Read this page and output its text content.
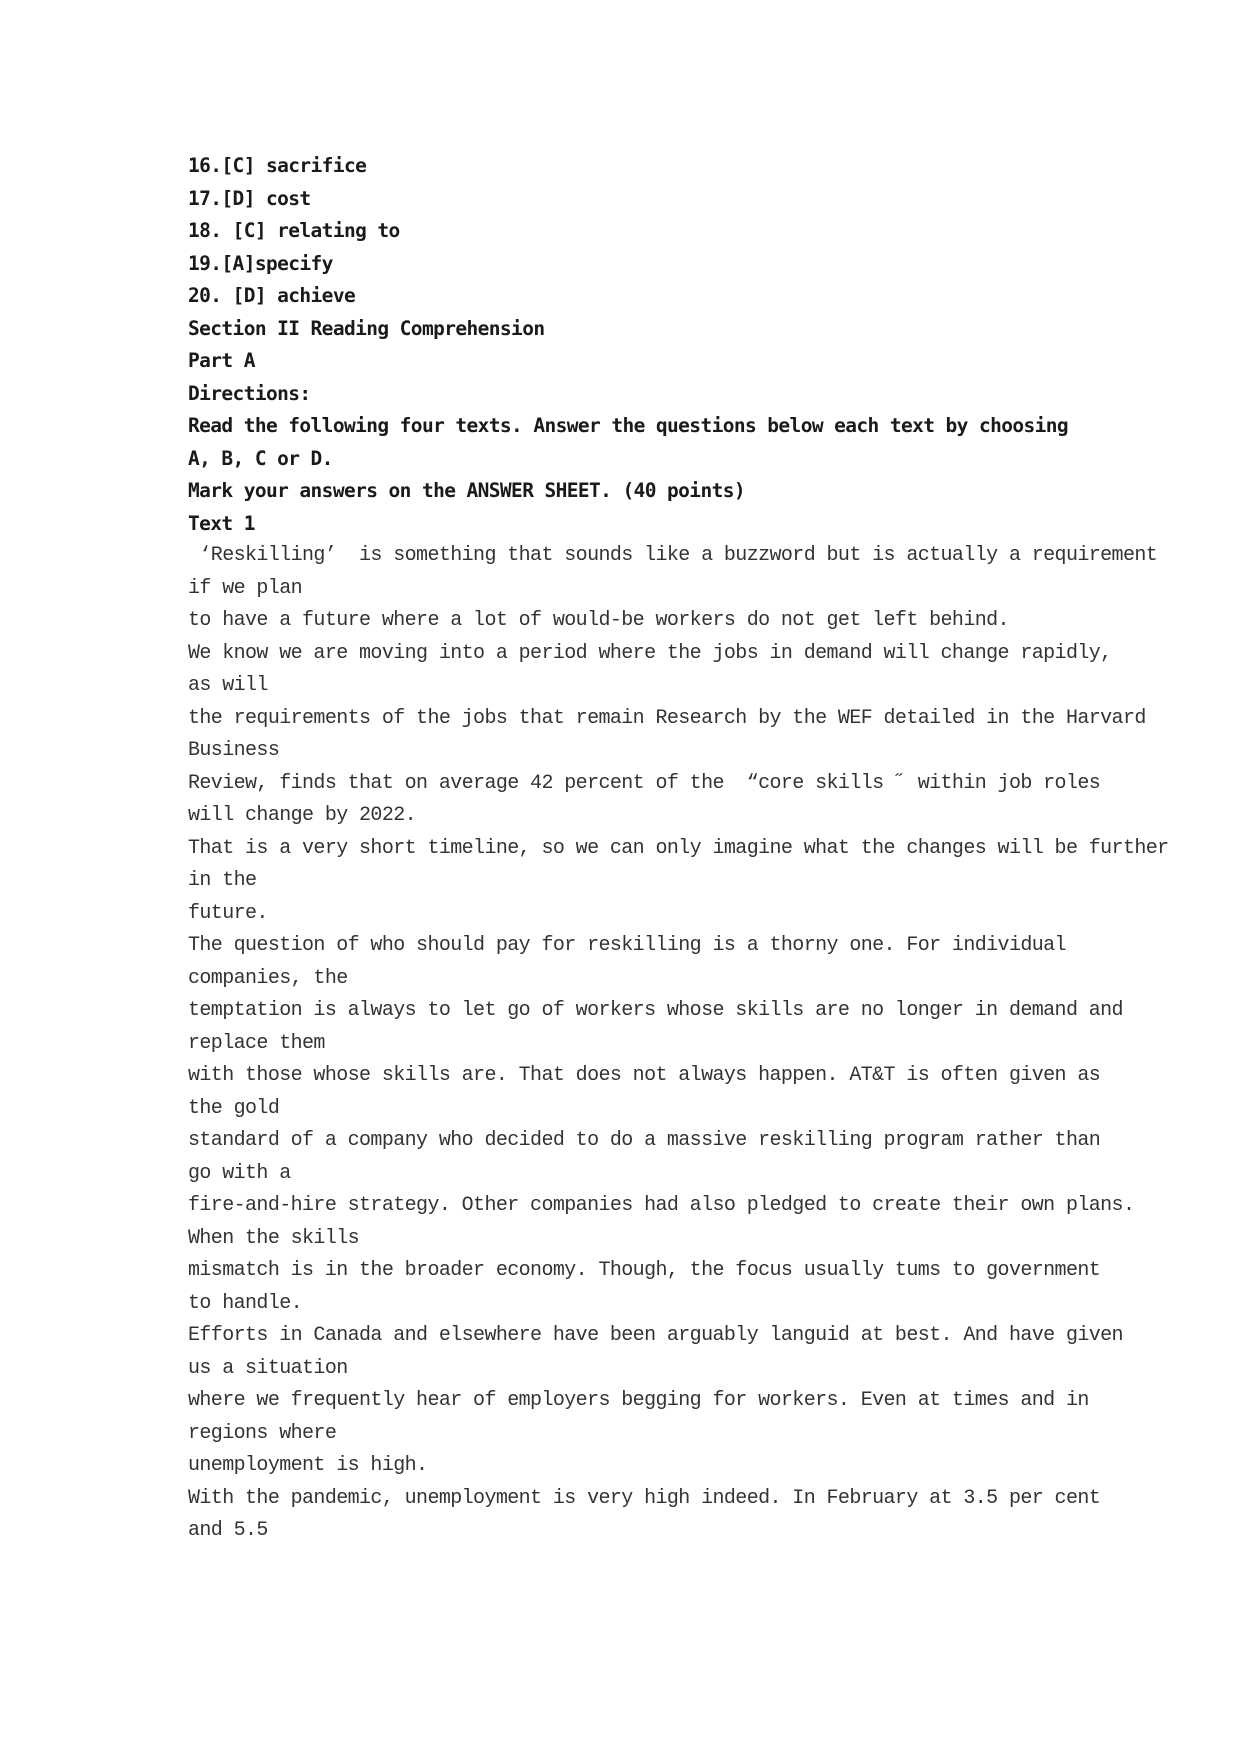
16.[C] sacrifice
17.[D] cost
18. [C] relating to
19.[A]specify
20. [D] achieve
Section II Reading Comprehension
Part A
Directions:
Read the following four texts. Answer the questions below each text by choosing
A, B, C or D.
Mark your answers on the ANSWER SHEET. (40 points)
Text 1
‘Reskilling’  is something that sounds like a buzzword but is actually a requirement
if we plan
to have a future where a lot of would-be workers do not get left behind.
We know we are moving into a period where the jobs in demand will change rapidly,
as will
the requirements of the jobs that remain Research by the WEF detailed in the Harvard
Business
Review, finds that on average 42 percent of the  “core skills ˝ within job roles
will change by 2022.
That is a very short timeline, so we can only imagine what the changes will be further
in the
future.
The question of who should pay for reskilling is a thorny one. For individual
companies, the
temptation is always to let go of workers whose skills are no longer in demand and
replace them
with those whose skills are. That does not always happen. AT&T is often given as
the gold
standard of a company who decided to do a massive reskilling program rather than
go with a
fire-and-hire strategy. Other companies had also pledged to create their own plans.
When the skills
mismatch is in the broader economy. Though, the focus usually tums to government
to handle.
Efforts in Canada and elsewhere have been arguably languid at best. And have given
us a situation
where we frequently hear of employers begging for workers. Even at times and in
regions where
unemployment is high.
With the pandemic, unemployment is very high indeed. In February at 3.5 per cent
and 5.5
